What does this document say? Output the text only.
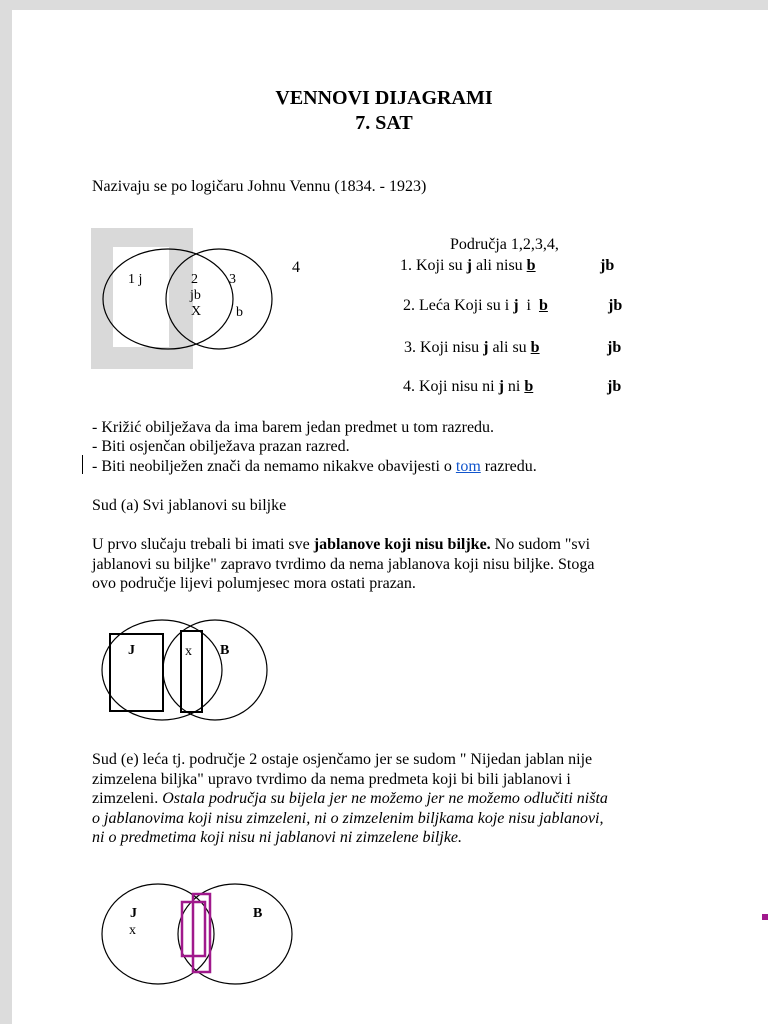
VENNOVI DIJAGRAMI
7. SAT
Nazivaju se po logičaru Johnu Vennu (1834. - 1923)
1 j	2 3
jb
X b
4
Područja 1,2,3,4,
1. Koji su j ali nisu b	jb
2. Leća Koji su i j  i  b	jb
3. Koji nisu j ali su b	jb
4. Koji nisu ni j ni b	jb
- Križić obilježava da ima barem jedan predmet u tom razredu.
- Biti osjenčan obilježava prazan razred.
- Biti neobilježen znači da nemamo nikakve obavijesti o tom razredu.
Sud (a) Svi jablanovi su biljke
U prvo slučaju trebali bi imati sve jablanove koji nisu biljke. No sudom "svi
jablanovi su biljke" zapravo tvrdimo da nema jablanova koji nisu biljke. Stoga
ovo područje lijevi polumjesec mora ostati prazan.
J	x B
Sud (e) leća tj. područje 2 ostaje osjenčamo jer se sudom " Nijedan jablan nije
zimzelena biljka" upravo tvrdimo da nema predmeta koji bi bili jablanovi i
zimzeleni. Ostala područja su bijela jer ne možemo jer ne možemo odlučiti ništa
o jablanovima koji nisu zimzeleni, ni o zimzelenim biljkama koje nisu jablanovi,
ni o predmetima koji nisu ni jablanovi ni zimzelene biljke.
J
x
B
